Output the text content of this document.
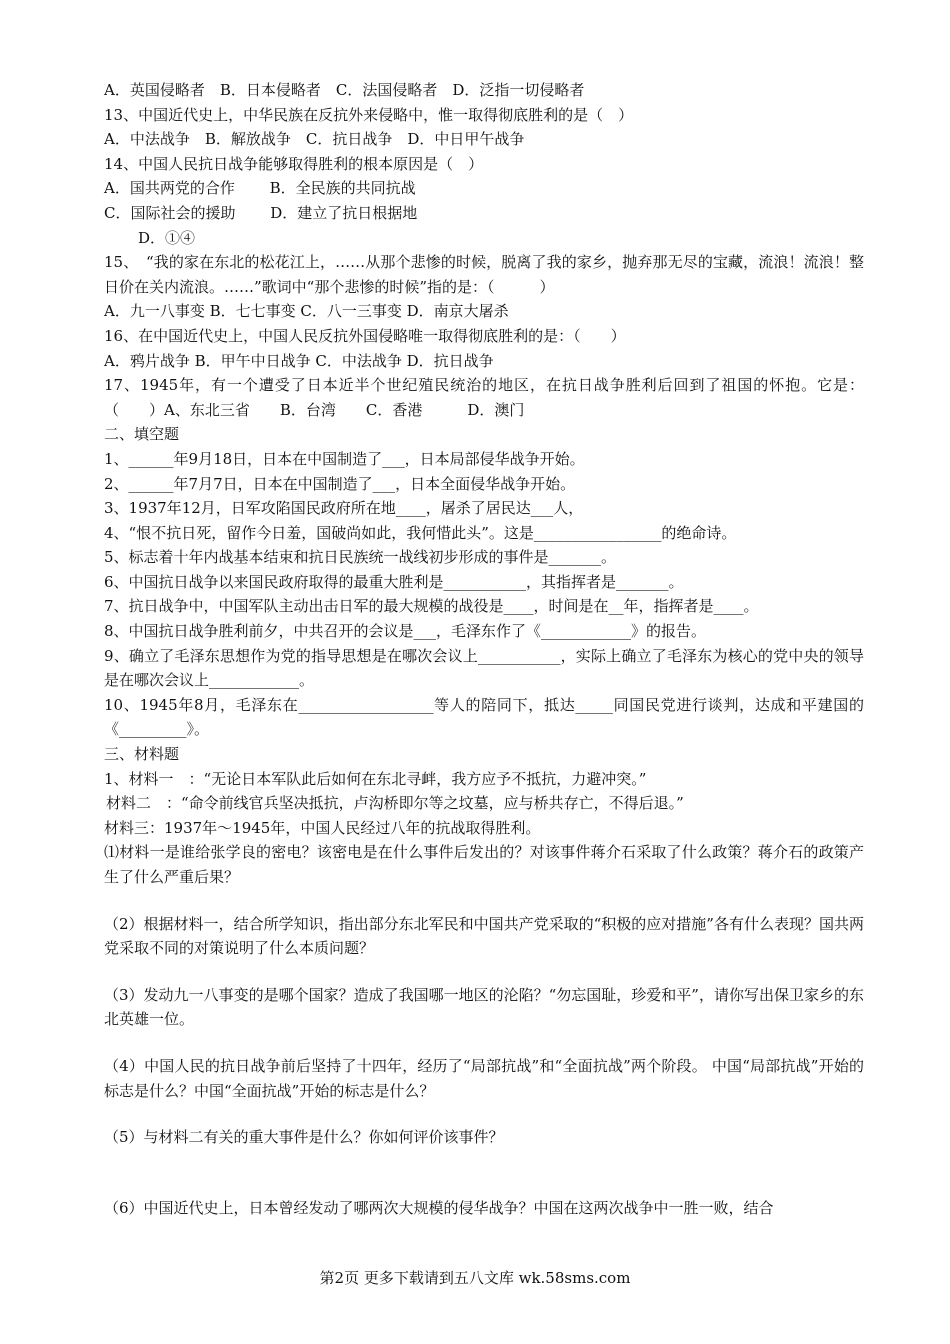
A．英国侵略者　B．日本侵略者　C．法国侵略者　D．泛指一切侵略者
13、中国近代史上，中华民族在反抗外来侵略中，惟一取得彻底胜利的是（　）
A．中法战争　B．解放战争　C．抗日战争　D．中日甲午战争
14、中国人民抗日战争能够取得胜利的根本原因是（　）
A．国共两党的合作　　 B．全民族的共同抗战
C．国际社会的援助　　 D．建立了抗日根据地
D．①④
15、　“我的家在东北的松花江上，……从那个悲惨的时候，脱离了我的家乡，抛弃那无尽的宝藏，流浪！流浪！整日价在关内流浪。……”歌词中“那个悲惨的时候”指的是：（　　　）
A．九一八事变 B．七七事变 C．八一三事变 D．南京大屠杀
16、在中国近代史上，中国人民反抗外国侵略唯一取得彻底胜利的是：（　　）
A．鸦片战争 B．甲午中日战争 C．中法战争 D．抗日战争
17、1945年，有一个遭受了日本近半个世纪殖民统治的地区，在抗日战争胜利后回到了祖国的怀抱。它是：（　　）A、东北三省　　B．台湾　　C．香港　　　D．澳门
二、填空题
1、______年9月18日，日本在中国制造了___，日本局部侵华战争开始。
2、______年7月7日，日本在中国制造了___，日本全面侵华战争开始。
3、1937年12月，日军攻陷国民政府所在地____，屠杀了居民达___人，
4、“恨不抗日死，留作今日羞，国破尚如此，我何惜此头”。这是_________________的绝命诗。
5、标志着十年内战基本结束和抗日民族统一战线初步形成的事件是_______。
6、中国抗日战争以来国民政府取得的最重大胜利是___________，其指挥者是_______。
7、抗日战争中，中国军队主动出击日军的最大规模的战役是____，时间是在__年，指挥者是____。
8、中国抗日战争胜利前夕，中共召开的会议是___，毛泽东作了《____________》的报告。
9、确立了毛泽东思想作为党的指导思想是在哪次会议上___________，实际上确立了毛泽东为核心的党中央的领导是在哪次会议上____________。
10、1945年8月，毛泽东在__________________等人的陪同下，抵达_____同国民党进行谈判，达成和平建国的《_________》。
三、材料题
1、材料一　：“无论日本军队此后如何在东北寻衅，我方应予不抵抗，力避冲突。”
材料二　：“命令前线官兵坚决抵抗，卢沟桥即尔等之坟墓，应与桥共存亡，不得后退。”
材料三：1937年～1945年，中国人民经过八年的抗战取得胜利。
⑴材料一是谁给张学良的密电？该密电是在什么事件后发出的？对该事件蒋介石采取了什么政策？蒋介石的政策产生了什么严重后果？
（2）根据材料一，结合所学知识，指出部分东北军民和中国共产党采取的“积极的应对措施”各有什么表现？国共两党采取不同的对策说明了什么本质问题？
（3）发动九一八事变的是哪个国家？造成了我国哪一地区的沦陷？“勿忘国耻，珍爱和平”，请你写出保卫家乡的东北英雄一位。
（4）中国人民的抗日战争前后坚持了十四年，经历了“局部抗战”和“全面抗战”两个阶段。 中国“局部抗战”开始的标志是什么？中国“全面抗战”开始的标志是什么？
（5）与材料二有关的重大事件是什么？你如何评价该事件？
（6）中国近代史上，日本曾经发动了哪两次大规模的侵华战争？中国在这两次战争中一胜一败，结合
第2页 更多下载请到五八文库 wk.58sms.com
